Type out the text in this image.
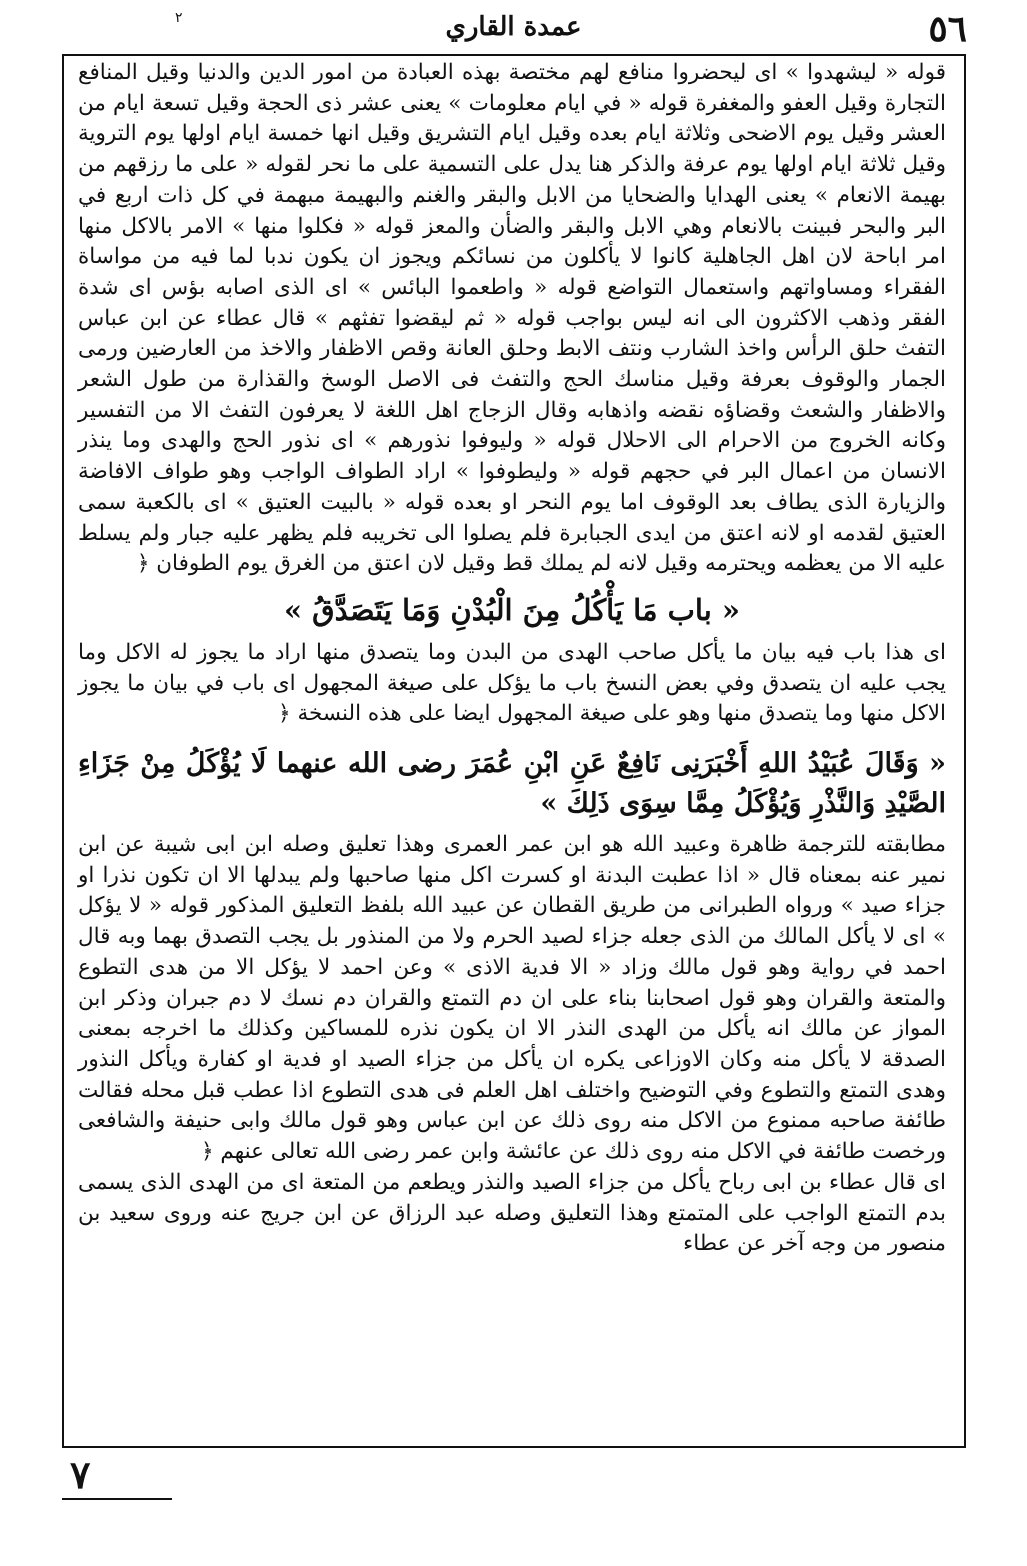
٥٦
عمدة القاري
٢

قوله « ليشهدوا » اى ليحضروا منافع لهم مختصة بهذه العبادة من امور الدين والدنيا وقيل المنافع التجارة وقيل العفو والمغفرة قوله « في ايام معلومات » يعنى عشر ذى الحجة وقيل تسعة ايام من العشر وقيل يوم الاضحى وثلاثة ايام بعده وقيل ايام التشريق وقيل انها خمسة ايام اولها يوم التروية وقيل ثلاثة ايام اولها يوم عرفة والذكر هنا يدل على التسمية على ما نحر لقوله « على ما رزقهم من بهيمة الانعام » يعنى الهدايا والضحايا من الابل والبقر والغنم والبهيمة مبهمة في كل ذات اربع في البر والبحر فبينت بالانعام وهي الابل والبقر والضأن والمعز قوله « فكلوا منها » الامر بالاكل منها امر اباحة لان اهل الجاهلية كانوا لا يأكلون من نسائكم ويجوز ان يكون ندبا لما فيه من مواساة الفقراء ومساواتهم واستعمال التواضع قوله « واطعموا البائس » اى الذى اصابه بؤس اى شدة الفقر وذهب الاكثرون الى انه ليس بواجب قوله « ثم ليقضوا تفثهم » قال عطاء عن ابن عباس التفث حلق الرأس واخذ الشارب ونتف الابط وحلق العانة وقص الاظفار والاخذ من العارضين ورمى الجمار والوقوف بعرفة وقيل مناسك الحج والتفث فى الاصل الوسخ والقذارة من طول الشعر والاظفار والشعث وقضاؤه نقضه واذهابه وقال الزجاج اهل اللغة لا يعرفون التفث الا من التفسير وكانه الخروج من الاحرام الى الاحلال قوله « وليوفوا نذورهم » اى نذور الحج والهدى وما ينذر الانسان من اعمال البر في حجهم قوله « وليطوفوا » اراد الطواف الواجب وهو طواف الافاضة والزيارة الذى يطاف بعد الوقوف اما يوم النحر او بعده قوله « بالبيت العتيق » اى بالكعبة سمى العتيق لقدمه او لانه اعتق من ايدى الجبابرة فلم يصلوا الى تخريبه فلم يظهر عليه جبار ولم يسلط عليه الا من يعظمه ويحترمه وقيل لانه لم يملك قط وقيل لان اعتق من الغرق يوم الطوفان ﴿

« باب مَا يَأْكُلُ مِنَ الْبُدْنِ وَمَا يَتَصَدَّقُ »

اى هذا باب فيه بيان ما يأكل صاحب الهدى من البدن وما يتصدق منها اراد ما يجوز له الاكل وما يجب عليه ان يتصدق وفي بعض النسخ باب ما يؤكل على صيغة المجهول اى باب في بيان ما يجوز الاكل منها وما يتصدق منها وهو على صيغة المجهول ايضا على هذه النسخة ﴿

« وَقَالَ عُبَيْدُ اللهِ أَخْبَرَنِى نَافِعٌ عَنِ ابْنِ عُمَرَ رضى الله عنهما لَا يُؤْكَلُ مِنْ جَزَاءِ الصَّيْدِ وَالنَّذْرِ وَيُؤْكَلُ مِمَّا سِوَى ذَلِكَ »

مطابقته للترجمة ظاهرة وعبيد الله هو ابن عمر العمرى وهذا تعليق وصله ابن ابى شيبة عن ابن نمير عنه بمعناه قال « اذا عطبت البدنة او كسرت اكل منها صاحبها ولم يبدلها الا ان تكون نذرا او جزاء صيد » ورواه الطبرانى من طريق القطان عن عبيد الله بلفظ التعليق المذكور قوله « لا يؤكل » اى لا يأكل المالك من الذى جعله جزاء لصيد الحرم ولا من المنذور بل يجب التصدق بهما وبه قال احمد في رواية وهو قول مالك وزاد « الا فدية الاذى » وعن احمد لا يؤكل الا من هدى التطوع والمتعة والقران وهو قول اصحابنا بناء على ان دم التمتع والقران دم نسك لا دم جبران وذكر ابن المواز عن مالك انه يأكل من الهدى النذر الا ان يكون نذره للمساكين وكذلك ما اخرجه بمعنى الصدقة لا يأكل منه وكان الاوزاعى يكره ان يأكل من جزاء الصيد او فدية او كفارة ويأكل النذور وهدى التمتع والتطوع وفي التوضيح واختلف اهل العلم فى هدى التطوع اذا عطب قبل محله فقالت طائفة صاحبه ممنوع من الاكل منه روى ذلك عن ابن عباس وهو قول مالك وابى حنيفة والشافعى ورخصت طائفة في الاكل منه روى ذلك عن عائشة وابن عمر رضى الله تعالى عنهم ﴿

اى قال عطاء بن ابى رباح يأكل من جزاء الصيد والنذر ويطعم من المتعة اى من الهدى الذى يسمى بدم التمتع الواجب على المتمتع وهذا التعليق وصله عبد الرزاق عن ابن جريج عنه وروى سعيد بن منصور من وجه آخر عن عطاء

٧
